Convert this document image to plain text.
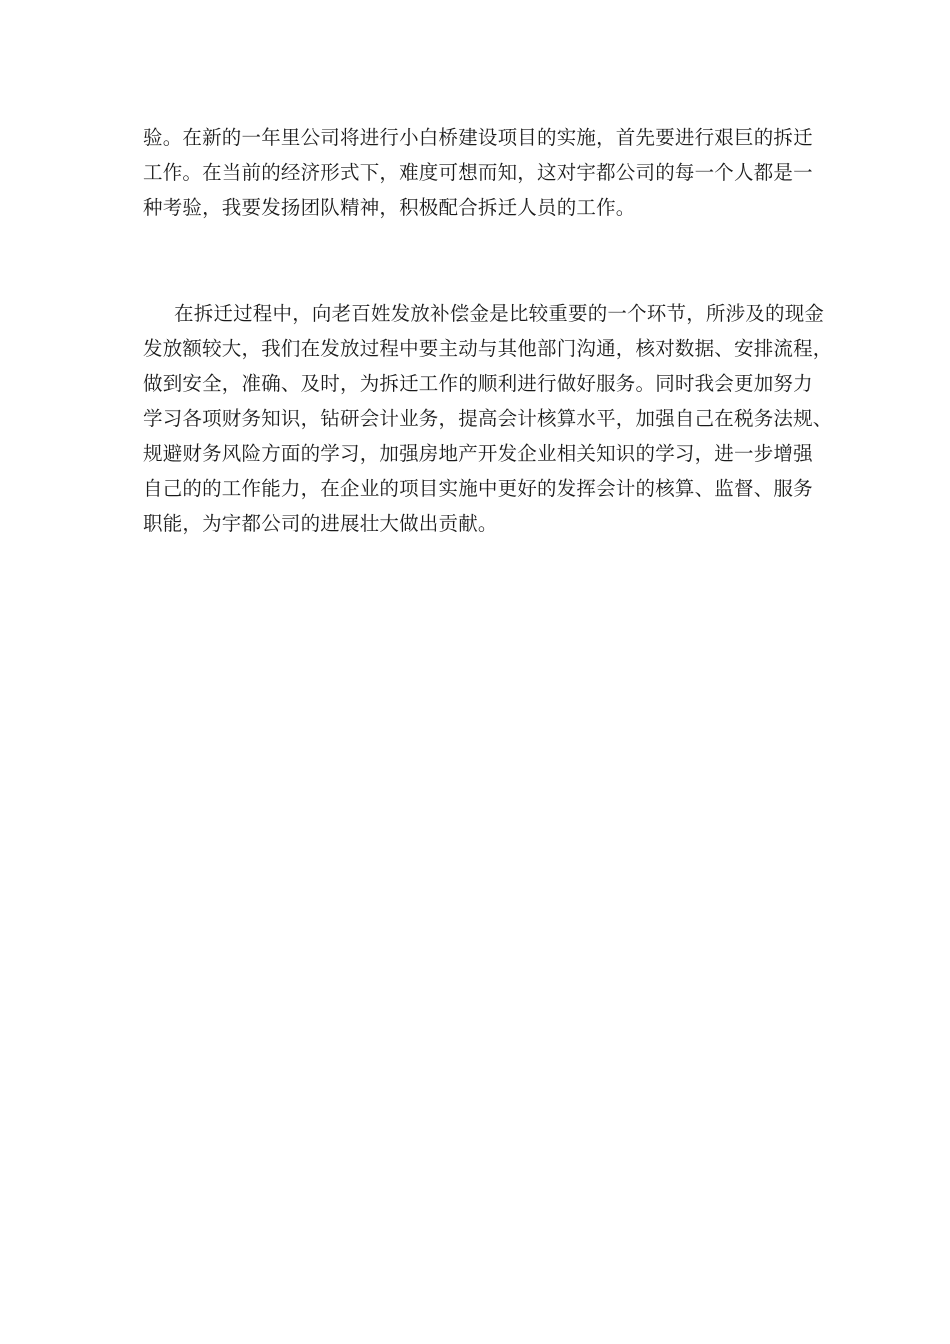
验。在新的一年里公司将进行小白桥建设项目的实施，首先要进行艰巨的拆迁
工作。在当前的经济形式下，难度可想而知，这对宇都公司的每一个人都是一
种考验，我要发扬团队精神，积极配合拆迁人员的工作。
在拆迁过程中，向老百姓发放补偿金是比较重要的一个环节，所涉及的现金
发放额较大，我们在发放过程中要主动与其他部门沟通，核对数据、安排流程，
做到安全，准确、及时，为拆迁工作的顺利进行做好服务。同时我会更加努力
学习各项财务知识，钻研会计业务，提高会计核算水平，加强自己在税务法规、
规避财务风险方面的学习，加强房地产开发企业相关知识的学习，进一步增强
自己的的工作能力，在企业的项目实施中更好的发挥会计的核算、监督、服务
职能，为宇都公司的进展壮大做出贡献。
